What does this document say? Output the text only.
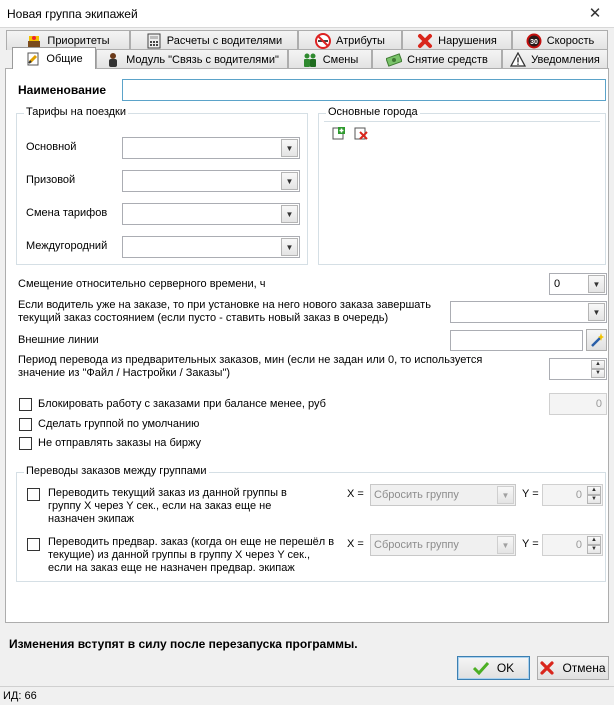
Новая группа экипажей	✕
Приоритеты	Расчеты с водителями	Атрибуты	Нарушения	30 Скорость
Общие	Модуль "Связь с водителями"	Смены	Снятие средств	Уведомления
Наименование
Тарифы на поездки
Основной	▼
Призовой	▼
Смена тарифов	▼
Междугородний	▼
Основные города
Смещение относительно серверного времени, ч	0	▼
Если водитель уже на заказе, то при установке на него нового заказа завершать
текущий заказ состоянием (если пусто - ставить новый заказ в очередь)	▼
Внешние линии
Период перевода из предварительных заказов, мин (если не задан или 0, то используется
значение из "Файл / Настройки / Заказы")
▲
▼
Блокировать работу с заказами при балансе менее, руб	0
Сделать группой по умолчанию
Не отправлять заказы на биржу
Переводы заказов между группами
Переводить текущий заказ из данной группы в
группу X через Y сек., если на заказ еще не
назначен экипаж
X = Сбросить группу	▼	Y =	0	▲
▼
Переводить предвар. заказ (когда он еще не перешёл в
текущие) из данной группы в группу X через Y сек.,
если на заказ еще не назначен предвар. экипаж
X = Сбросить группу	▼	Y =	0	▲
▼
Изменения вступят в силу после перезапуска программы.
OK	Отмена
ИД: 66
